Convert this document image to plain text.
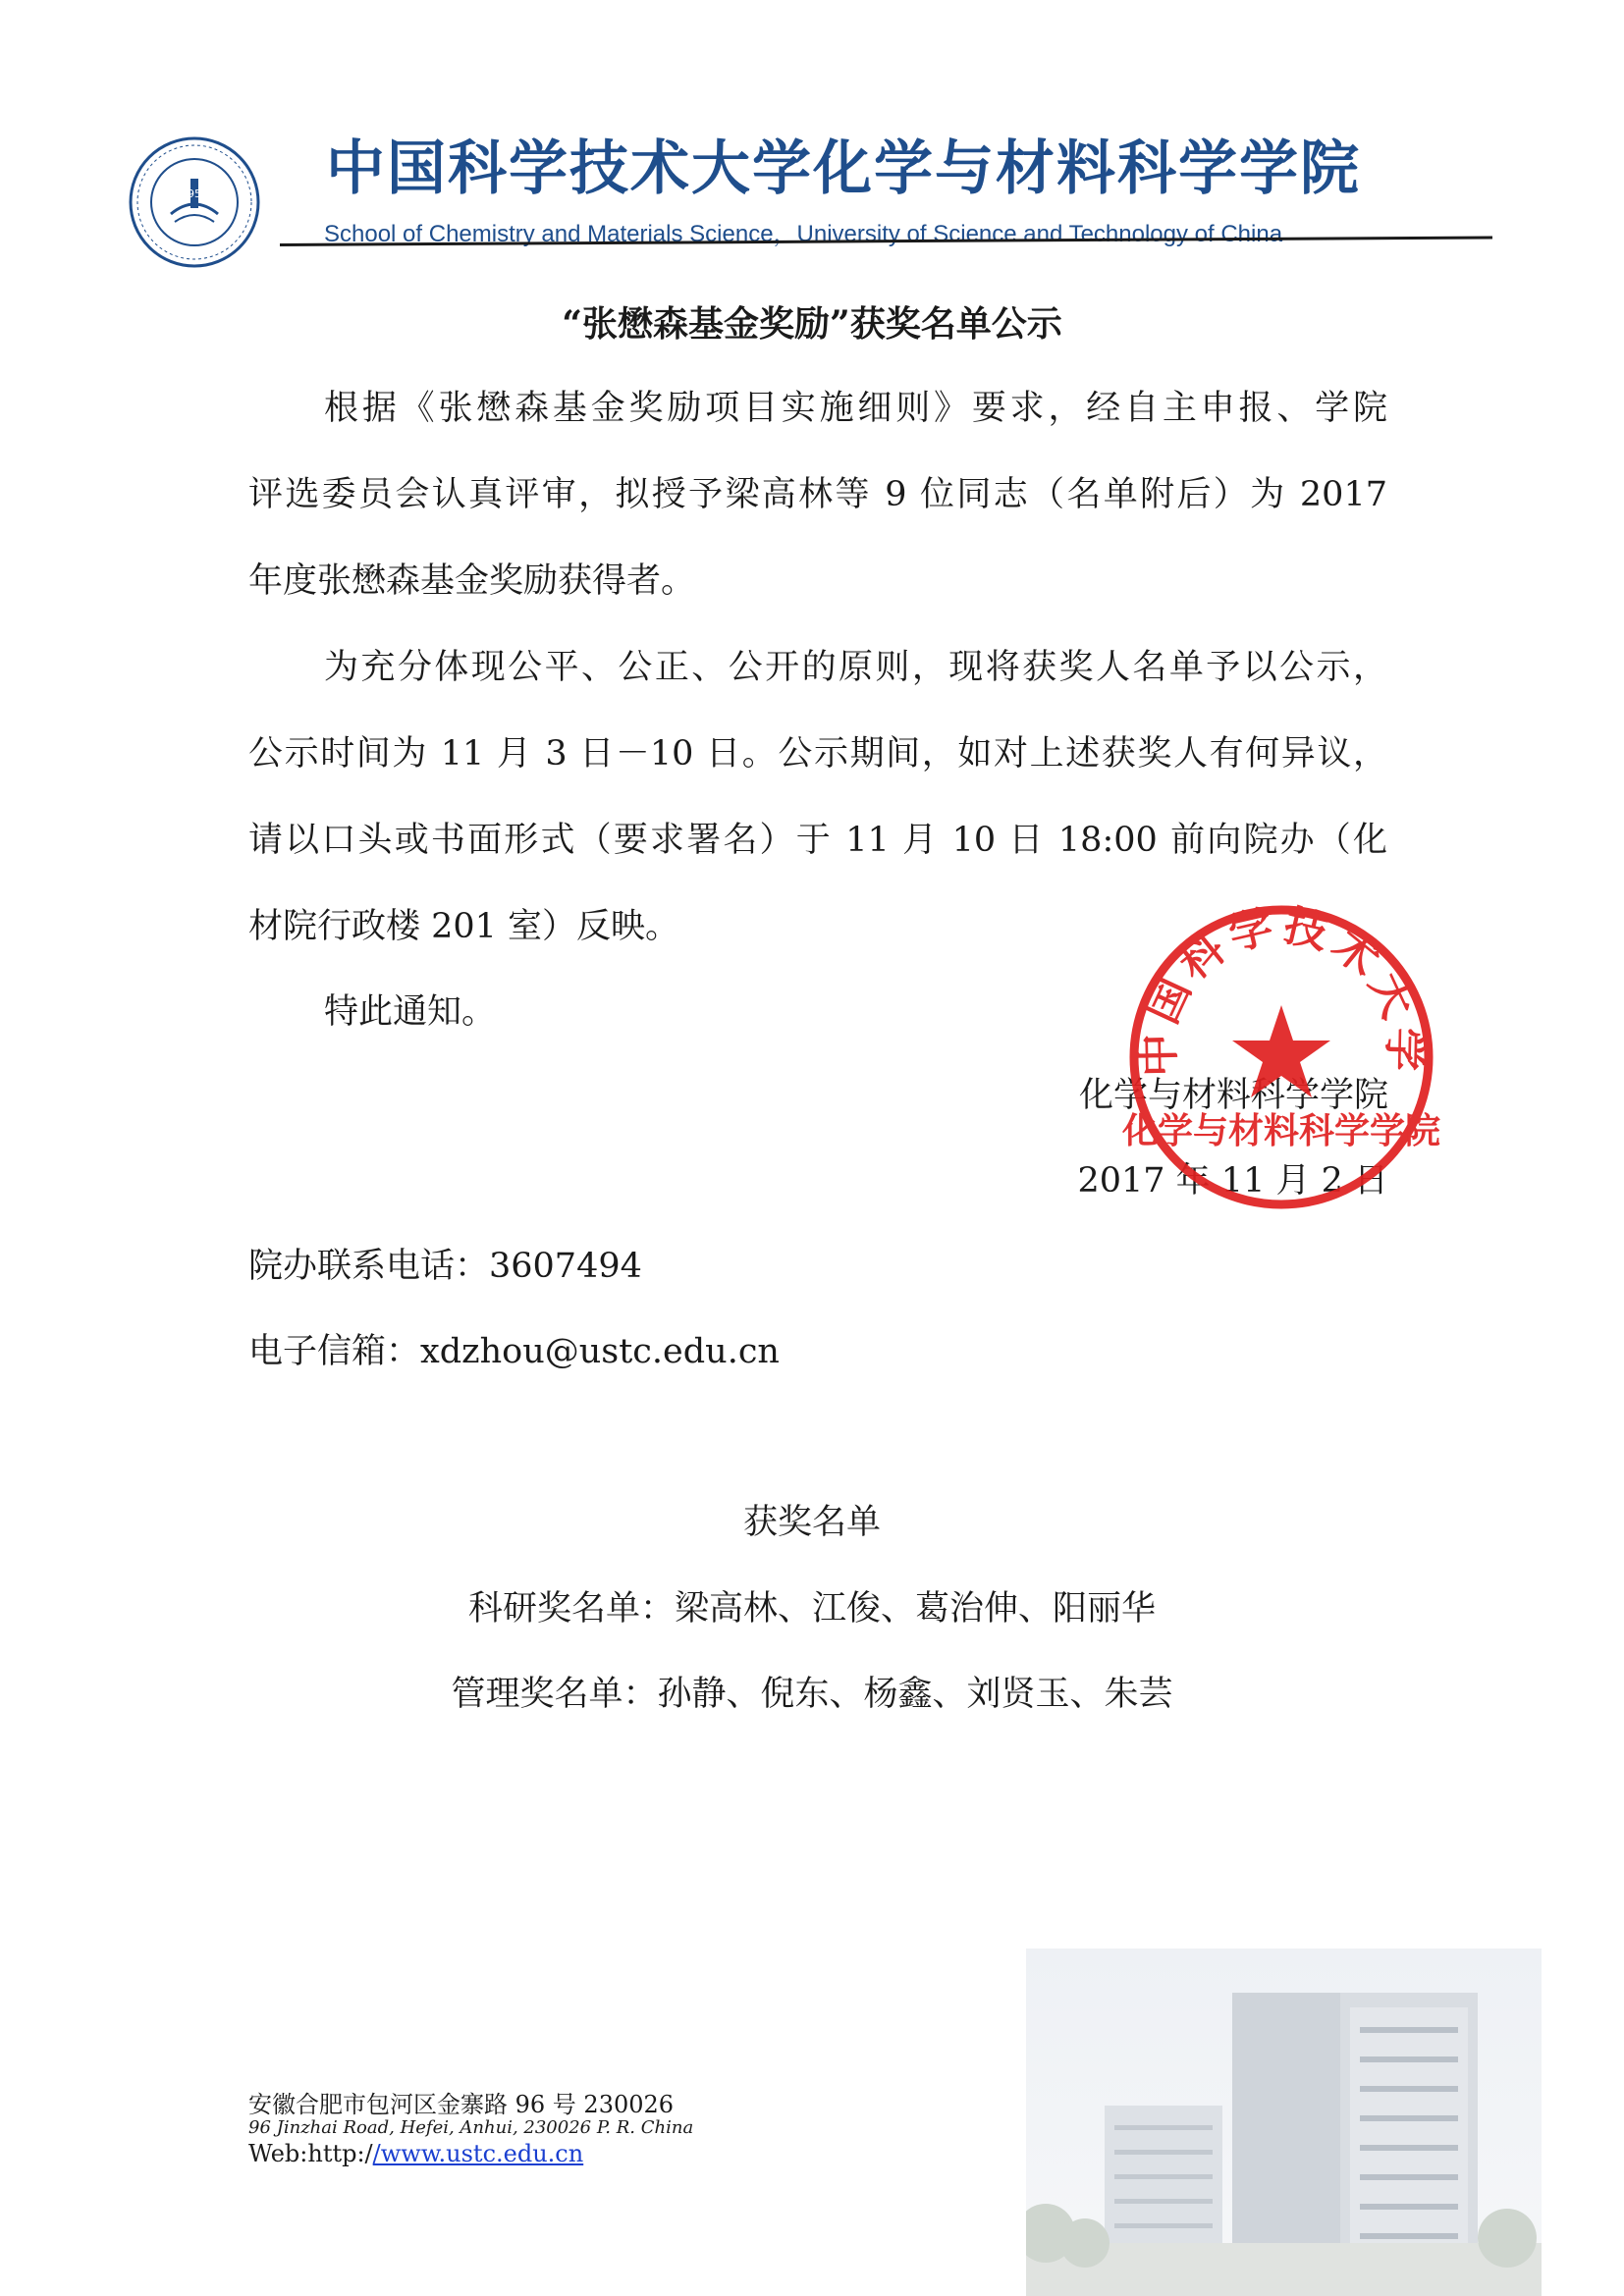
1958 中国科学技术大学化学与材料科学学院
School of Chemistry and Materials Science，University of Science and Technology of China
“张懋森基金奖励”获奖名单公示
根据《张懋森基金奖励项目实施细则》要求，经自主申报、学院
评选委员会认真评审，拟授予梁高林等 9 位同志（名单附后）为 2017
年度张懋森基金奖励获得者。
为充分体现公平、公正、公开的原则，现将获奖人名单予以公示，
公示时间为 11 月 3 日－10 日。公示期间，如对上述获奖人有何异议，
请以口头或书面形式（要求署名）于 11 月 10 日 18:00 前向院办（化
材院行政楼 201 室）反映。
特此通知。
化学与材料科学学院
2017 年 11 月 2 日
中国科学技术大学
化学与材料科学学院
院办联系电话：3607494
电子信箱：xdzhou@ustc.edu.cn
获奖名单
科研奖名单：梁高林、江俊、葛治伸、阳丽华
管理奖名单：孙静、倪东、杨鑫、刘贤玉、朱芸
安徽合肥市包河区金寨路 96 号 230026
96 Jinzhai Road, Hefei, Anhui, 230026 P. R. China
Web:http://www.ustc.edu.cn
